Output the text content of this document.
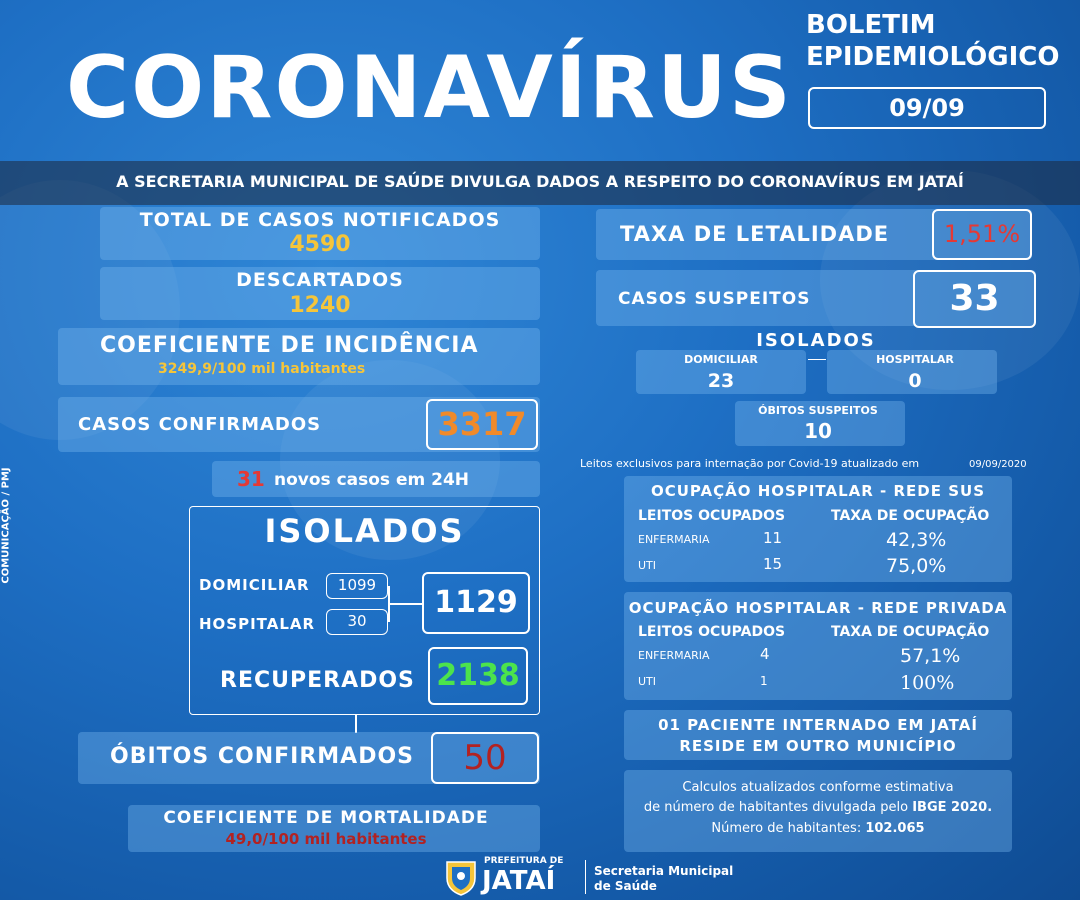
CORONAVÍRUS
BOLETIM
EPIDEMIOLÓGICO
09/09
A SECRETARIA MUNICIPAL DE SAÚDE DIVULGA DADOS A RESPEITO DO CORONAVÍRUS EM JATAÍ
COMUNICAÇÃO / PMJ
TOTAL DE CASOS NOTIFICADOS
4590
DESCARTADOS
1240
COEFICIENTE DE INCIDÊNCIA
3249,9/100 mil habitantes
CASOS CONFIRMADOS	3317
31 novos casos em 24H
ISOLADOS
DOMICILIAR	1099
HOSPITALAR	30
1129
RECUPERADOS 2138
ÓBITOS CONFIRMADOS	50
COEFICIENTE DE MORTALIDADE
49,0/100 mil habitantes
TAXA DE LETALIDADE	1,51%
CASOS SUSPEITOS	33
ISOLADOS
DOMICILIAR
23
HOSPITALAR
0
ÓBITOS SUSPEITOS
10
Leitos exclusivos para internação por Covid-19 atualizado em	09/09/2020
OCUPAÇÃO HOSPITALAR - REDE SUS
LEITOS OCUPADOS	TAXA DE OCUPAÇÃO
ENFERMARIA	11	42,3%
UTI	15	75,0%
OCUPAÇÃO HOSPITALAR - REDE PRIVADA
LEITOS OCUPADOS	TAXA DE OCUPAÇÃO
ENFERMARIA	4	57,1%
UTI	1	100%
01 PACIENTE INTERNADO EM JATAÍ
RESIDE EM OUTRO MUNICÍPIO
Calculos atualizados conforme estimativa
de número de habitantes divulgada pelo IBGE 2020.
Número de habitantes: 102.065
PREFEITURA DE
JATAÍ	Secretaria Municipal
de Saúde
